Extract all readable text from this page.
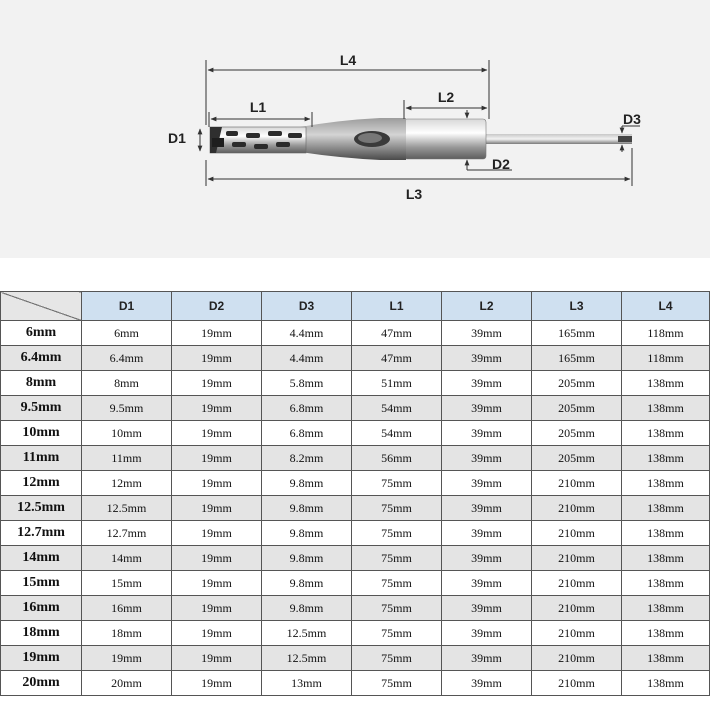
L4
L1
L2
L3
D1
D2
D3
	D1	D2	D3	L1	L2	L3	L4
6mm	6mm	19mm	4.4mm	47mm	39mm	165mm	118mm
6.4mm	6.4mm	19mm	4.4mm	47mm	39mm	165mm	118mm
8mm	8mm	19mm	5.8mm	51mm	39mm	205mm	138mm
9.5mm	9.5mm	19mm	6.8mm	54mm	39mm	205mm	138mm
10mm	10mm	19mm	6.8mm	54mm	39mm	205mm	138mm
11mm	11mm	19mm	8.2mm	56mm	39mm	205mm	138mm
12mm	12mm	19mm	9.8mm	75mm	39mm	210mm	138mm
12.5mm	12.5mm	19mm	9.8mm	75mm	39mm	210mm	138mm
12.7mm	12.7mm	19mm	9.8mm	75mm	39mm	210mm	138mm
14mm	14mm	19mm	9.8mm	75mm	39mm	210mm	138mm
15mm	15mm	19mm	9.8mm	75mm	39mm	210mm	138mm
16mm	16mm	19mm	9.8mm	75mm	39mm	210mm	138mm
18mm	18mm	19mm	12.5mm	75mm	39mm	210mm	138mm
19mm	19mm	19mm	12.5mm	75mm	39mm	210mm	138mm
20mm	20mm	19mm	13mm	75mm	39mm	210mm	138mm
